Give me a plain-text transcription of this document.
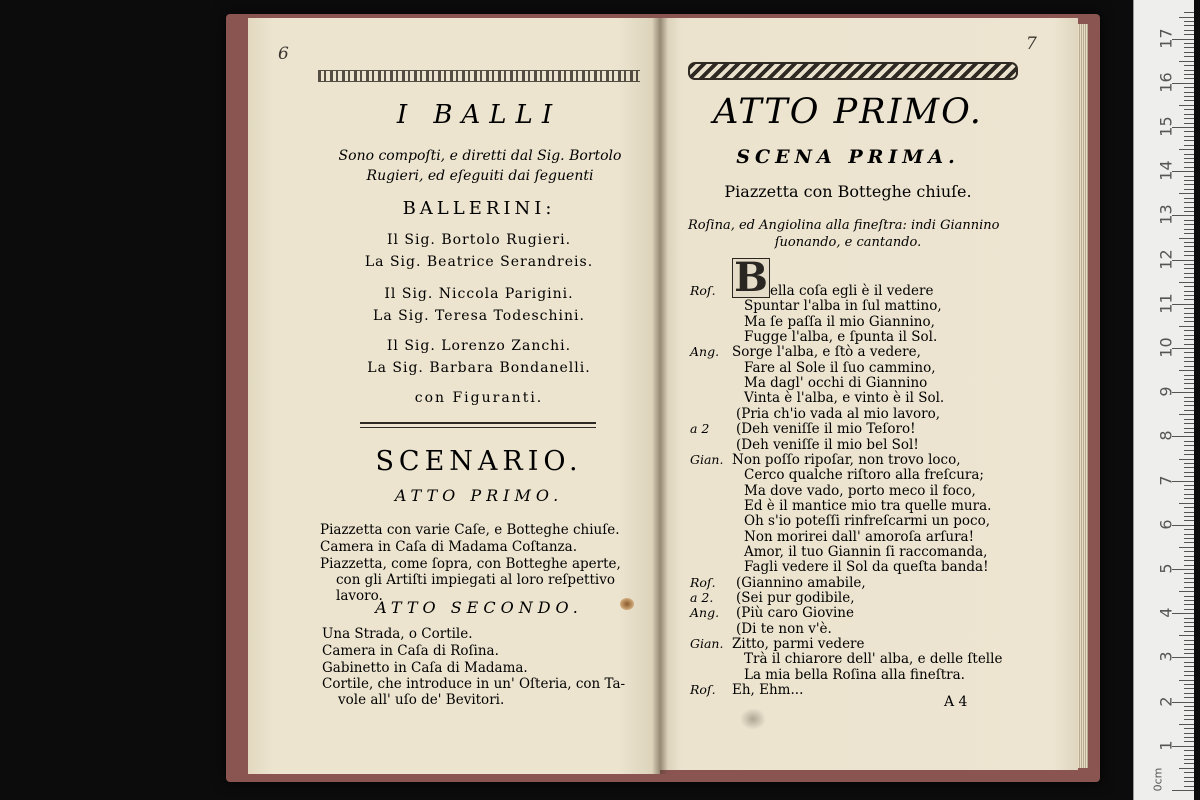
6
I BALLI
Sono compoſti, e diretti dal Sig. Bortolo
Rugieri, ed eſeguiti dai ſeguenti
BALLERINI:
Il Sig. Bortolo Rugieri.
La Sig. Beatrice Serandreis.
Il Sig. Niccola Parigini.
La Sig. Teresa Todeschini.
Il Sig. Lorenzo Zanchi.
La Sig. Barbara Bondanelli.
con Figuranti.
SCENARIO.
ATTO PRIMO.
Piazzetta con varie Caſe, e Botteghe chiuſe.
Camera in Caſa di Madama Coſtanza.
Piazzetta, come ſopra, con Botteghe aperte,
con gli Artiſti impiegati al loro reſpettivo
lavoro.
ATTO SECONDO.
Una Strada, o Cortile.
Camera in Caſa di Roſina.
Gabinetto in Caſa di Madama.
Cortile, che introduce in un' Oſteria, con Ta-
vole all' uſo de' Bevitori.
7
ATTO PRIMO.
SCENA PRIMA.
Piazzetta con Botteghe chiuſe.
Roſina, ed Angiolina alla fineſtra: indi Giannino
ſuonando, e cantando.
B
Roſ.	ella coſa egli è il vedere
Spuntar l'alba in ſul mattino,
Ma ſe paſſa il mio Giannino,
Fugge l'alba, e ſpunta il Sol.
Ang. Sorge l'alba, e ſtò a vedere,
Fare al Sole il ſuo cammino,
Ma dagl' occhi di Giannino
Vinta è l'alba, e vinto è il Sol.
(Pria ch'io vada al mio lavoro,
a 2 (Deh veniſſe il mio Teſoro!
(Deh veniſſe il mio bel Sol!
Gian. Non poſſo ripoſar, non trovo loco,
Cerco qualche riſtoro alla freſcura;
Ma dove vado, porto meco il foco,
Ed è il mantice mio tra quelle mura.
Oh s'io poteſſi rinfreſcarmi un poco,
Non morirei dall' amoroſa arſura!
Amor, il tuo Giannin ſi raccomanda,
Fagli vedere il Sol da queſta banda!
Roſ. (Giannino amabile,
a 2. (Sei pur godibile,
Ang. (Più caro Giovine
(Di te non v'è.
Gian. Zitto, parmi vedere
Trà il chiarore dell' alba, e delle ſtelle
La mia bella Roſina alla fineſtra.
Roſ. Eh, Ehm...
A 4
0cm
1
2
3
4
5
6
7
8
9
10
11
12
13
14
15
16
17
